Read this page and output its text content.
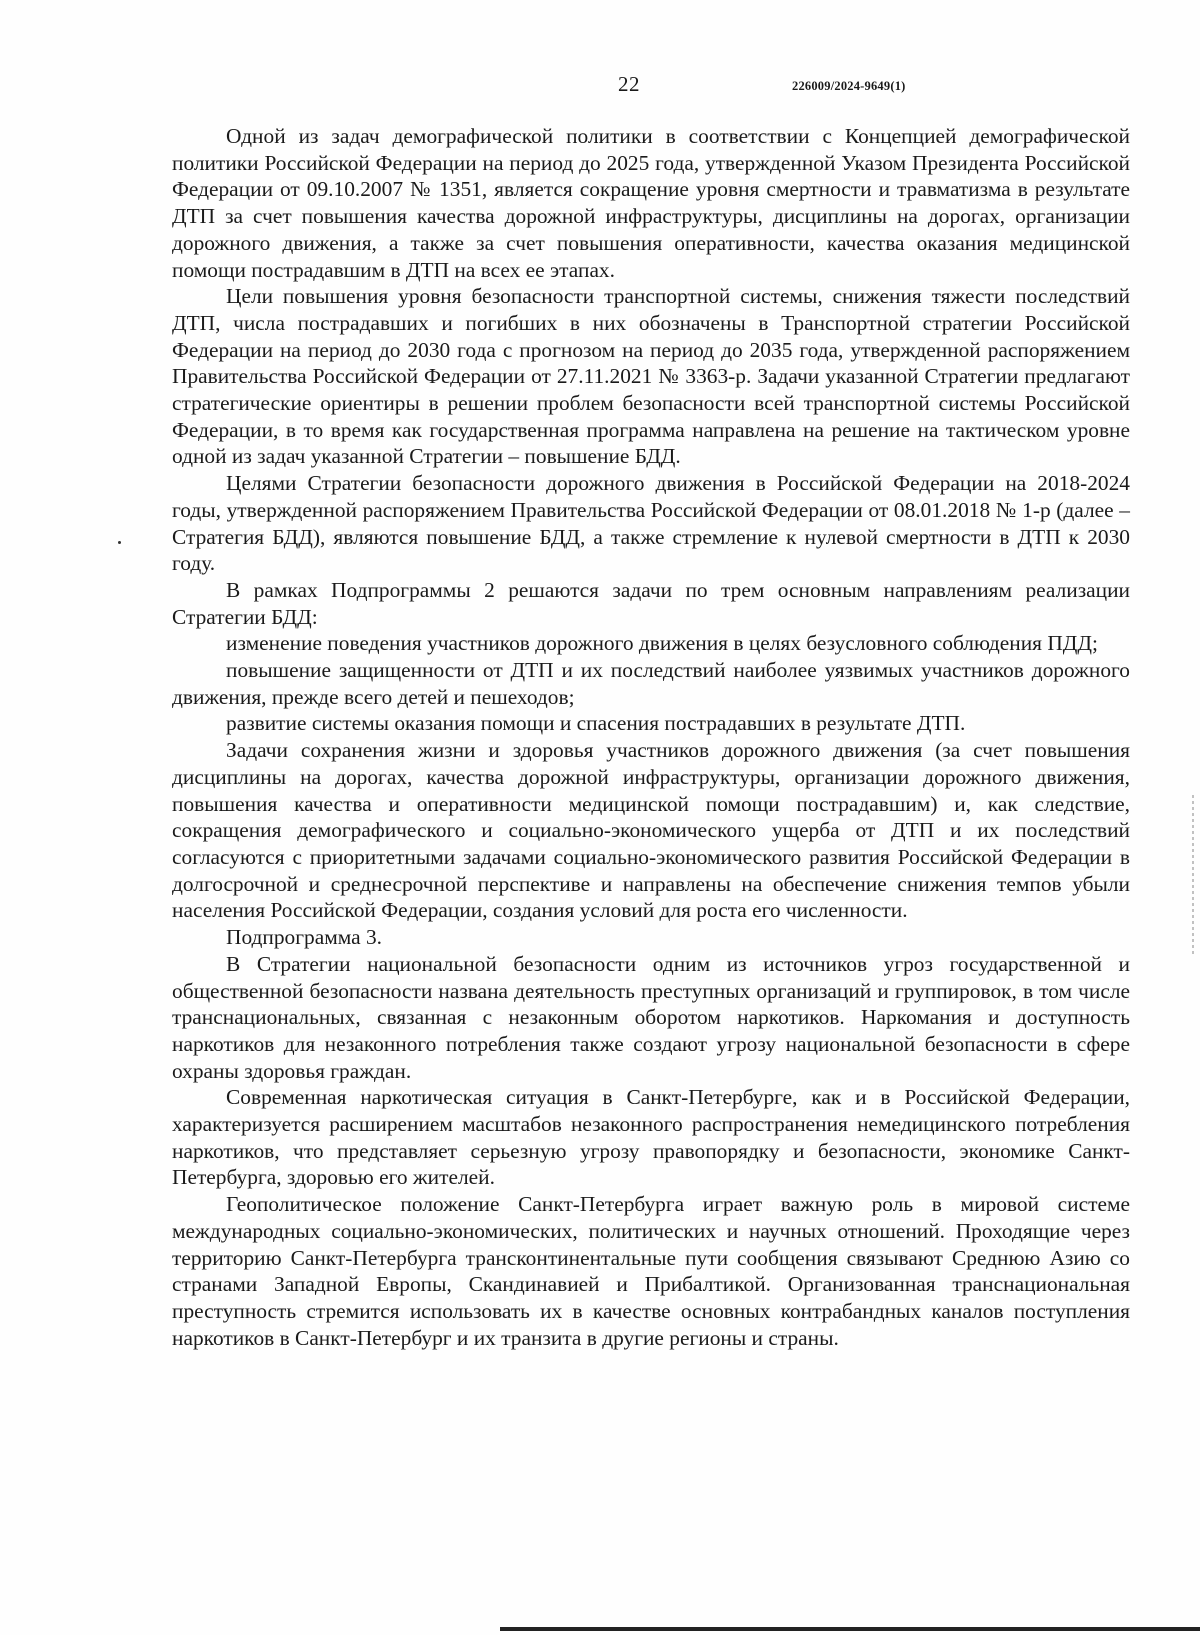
22	226009/2024-9649(1)

Одной из задач демографической политики в соответствии с Концепцией демографической политики Российской Федерации на период до 2025 года, утвержденной Указом Президента Российской Федерации от 09.10.2007 № 1351, является сокращение уровня смертности и травматизма в результате ДТП за счет повышения качества дорожной инфраструктуры, дисциплины на дорогах, организации дорожного движения, а также за счет повышения оперативности, качества оказания медицинской помощи пострадавшим в ДТП на всех ее этапах.

Цели повышения уровня безопасности транспортной системы, снижения тяжести последствий ДТП, числа пострадавших и погибших в них обозначены в Транспортной стратегии Российской Федерации на период до 2030 года с прогнозом на период до 2035 года, утвержденной распоряжением Правительства Российской Федерации от 27.11.2021 № 3363-р. Задачи указанной Стратегии предлагают стратегические ориентиры в решении проблем безопасности всей транспортной системы Российской Федерации, в то время как государственная программа направлена на решение на тактическом уровне одной из задач указанной Стратегии – повышение БДД.

Целями Стратегии безопасности дорожного движения в Российской Федерации на 2018-2024 годы, утвержденной распоряжением Правительства Российской Федерации от 08.01.2018 № 1-р (далее – Стратегия БДД), являются повышение БДД, а также стремление к нулевой смертности в ДТП к 2030 году.

В рамках Подпрограммы 2 решаются задачи по трем основным направлениям реализации Стратегии БДД:

изменение поведения участников дорожного движения в целях безусловного соблюдения ПДД;

повышение защищенности от ДТП и их последствий наиболее уязвимых участников дорожного движения, прежде всего детей и пешеходов;

развитие системы оказания помощи и спасения пострадавших в результате ДТП.

Задачи сохранения жизни и здоровья участников дорожного движения (за счет повышения дисциплины на дорогах, качества дорожной инфраструктуры, организации дорожного движения, повышения качества и оперативности медицинской помощи пострадавшим) и, как следствие, сокращения демографического и социально-экономического ущерба от ДТП и их последствий согласуются с приоритетными задачами социально-экономического развития Российской Федерации в долгосрочной и среднесрочной перспективе и направлены на обеспечение снижения темпов убыли населения Российской Федерации, создания условий для роста его численности.

Подпрограмма 3.

В Стратегии национальной безопасности одним из источников угроз государственной и общественной безопасности названа деятельность преступных организаций и группировок, в том числе транснациональных, связанная с незаконным оборотом наркотиков. Наркомания и доступность наркотиков для незаконного потребления также создают угрозу национальной безопасности в сфере охраны здоровья граждан.

Современная наркотическая ситуация в Санкт-Петербурге, как и в Российской Федерации, характеризуется расширением масштабов незаконного распространения немедицинского потребления наркотиков, что представляет серьезную угрозу правопорядку и безопасности, экономике Санкт-Петербурга, здоровью его жителей.

Геополитическое положение Санкт-Петербурга играет важную роль в мировой системе международных социально-экономических, политических и научных отношений. Проходящие через территорию Санкт-Петербурга трансконтинентальные пути сообщения связывают Среднюю Азию со странами Западной Европы, Скандинавией и Прибалтикой. Организованная транснациональная преступность стремится использовать их в качестве основных контрабандных каналов поступления наркотиков в Санкт-Петербург и их транзита в другие регионы и страны.
